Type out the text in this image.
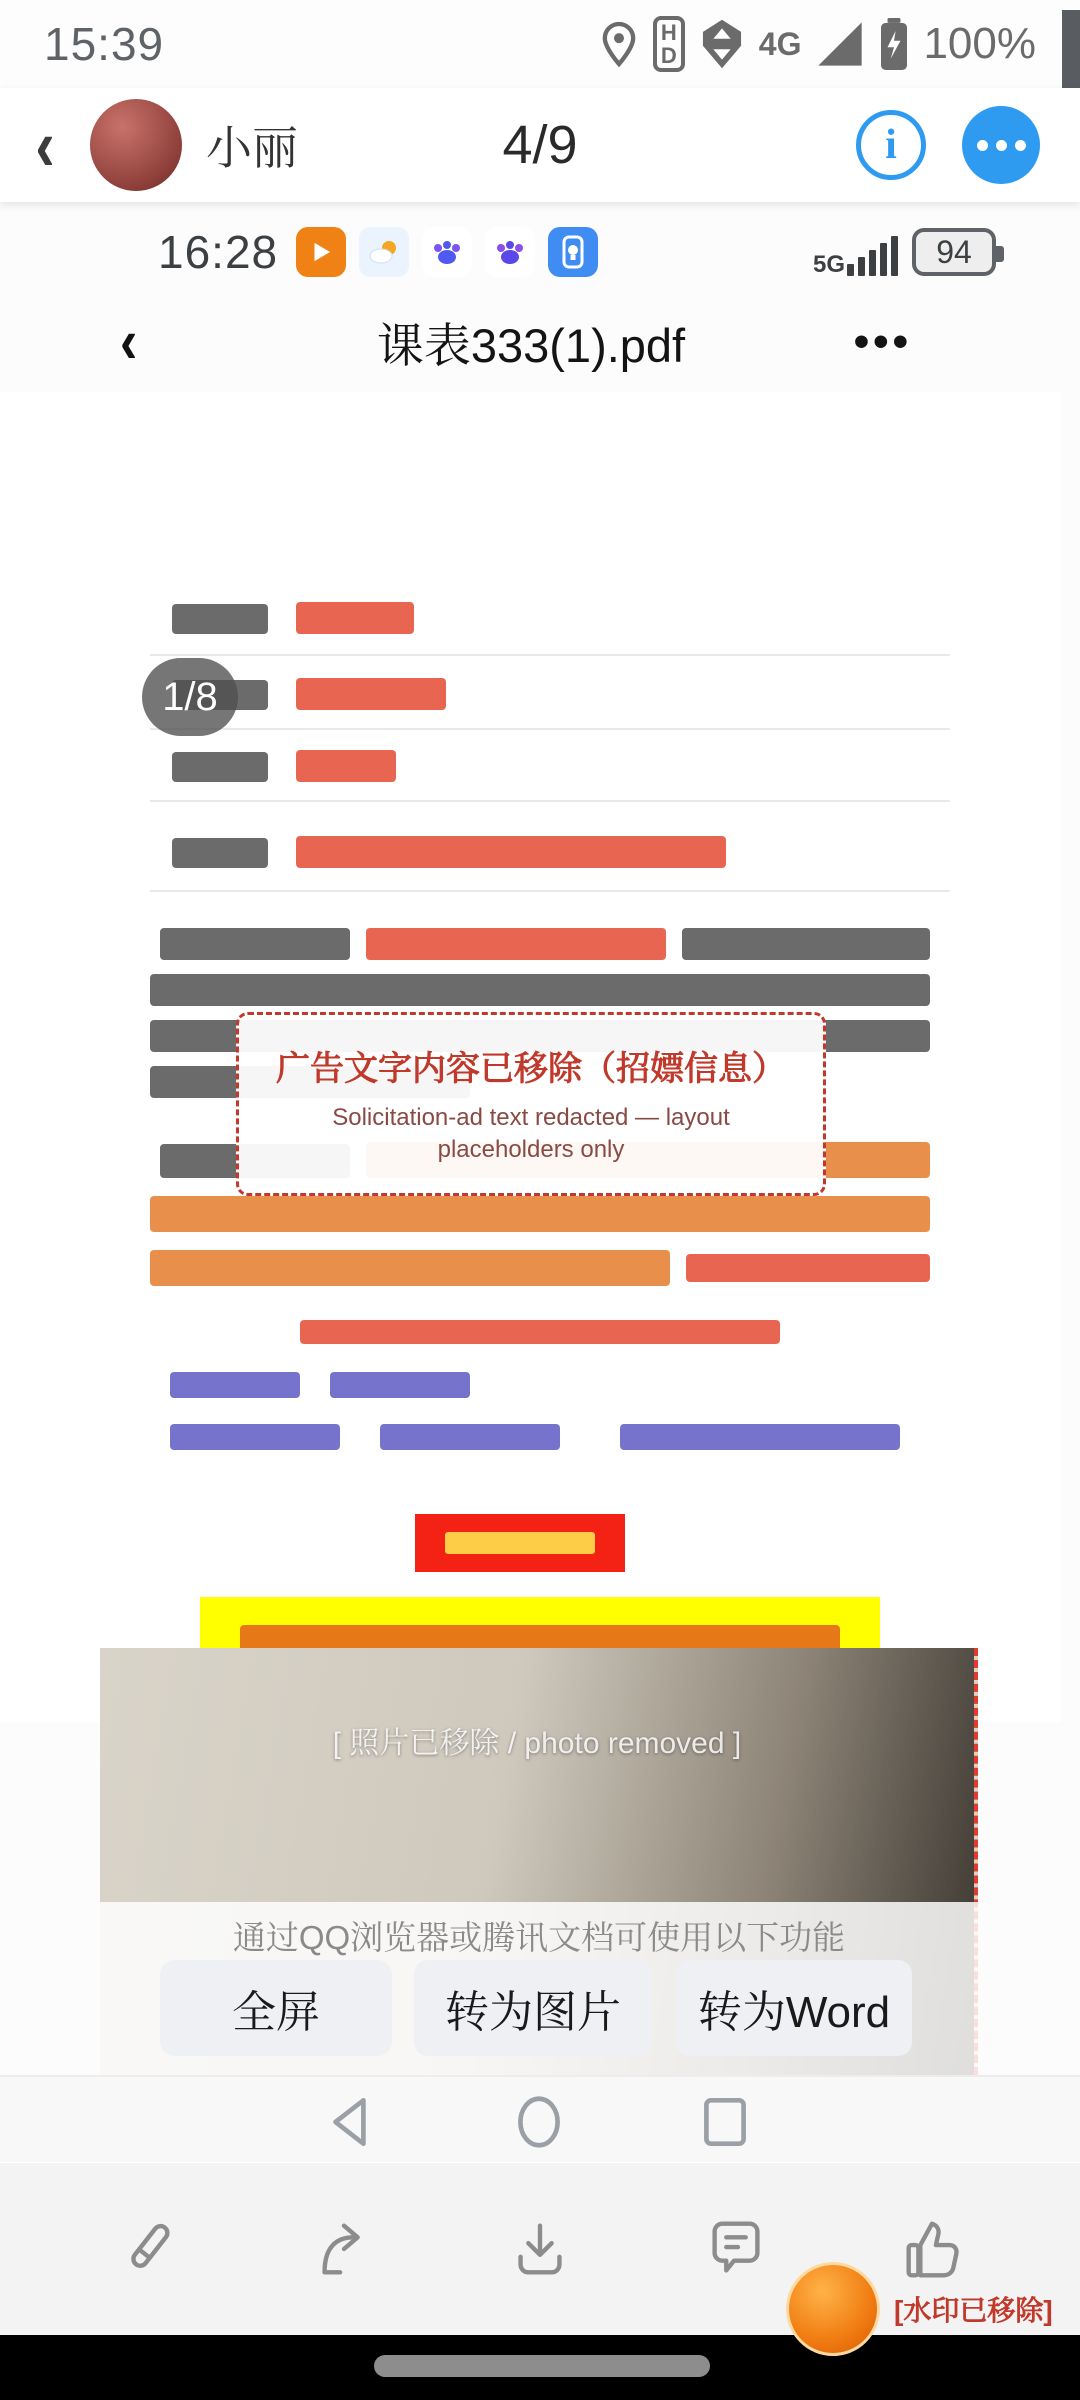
15:39	H
D	4G	100%
‹	小丽	4/9	i
16:28	5G	94
‹	课表333(1).pdf	•••
1/8
广告文字内容已移除（招嫖信息）
Solicitation-ad text redacted — layout placeholders only
[ 照片已移除 / photo removed ]
通过QQ浏览器或腾讯文档可使用以下功能
全屏	转为图片	转为Word
[水印已移除]
